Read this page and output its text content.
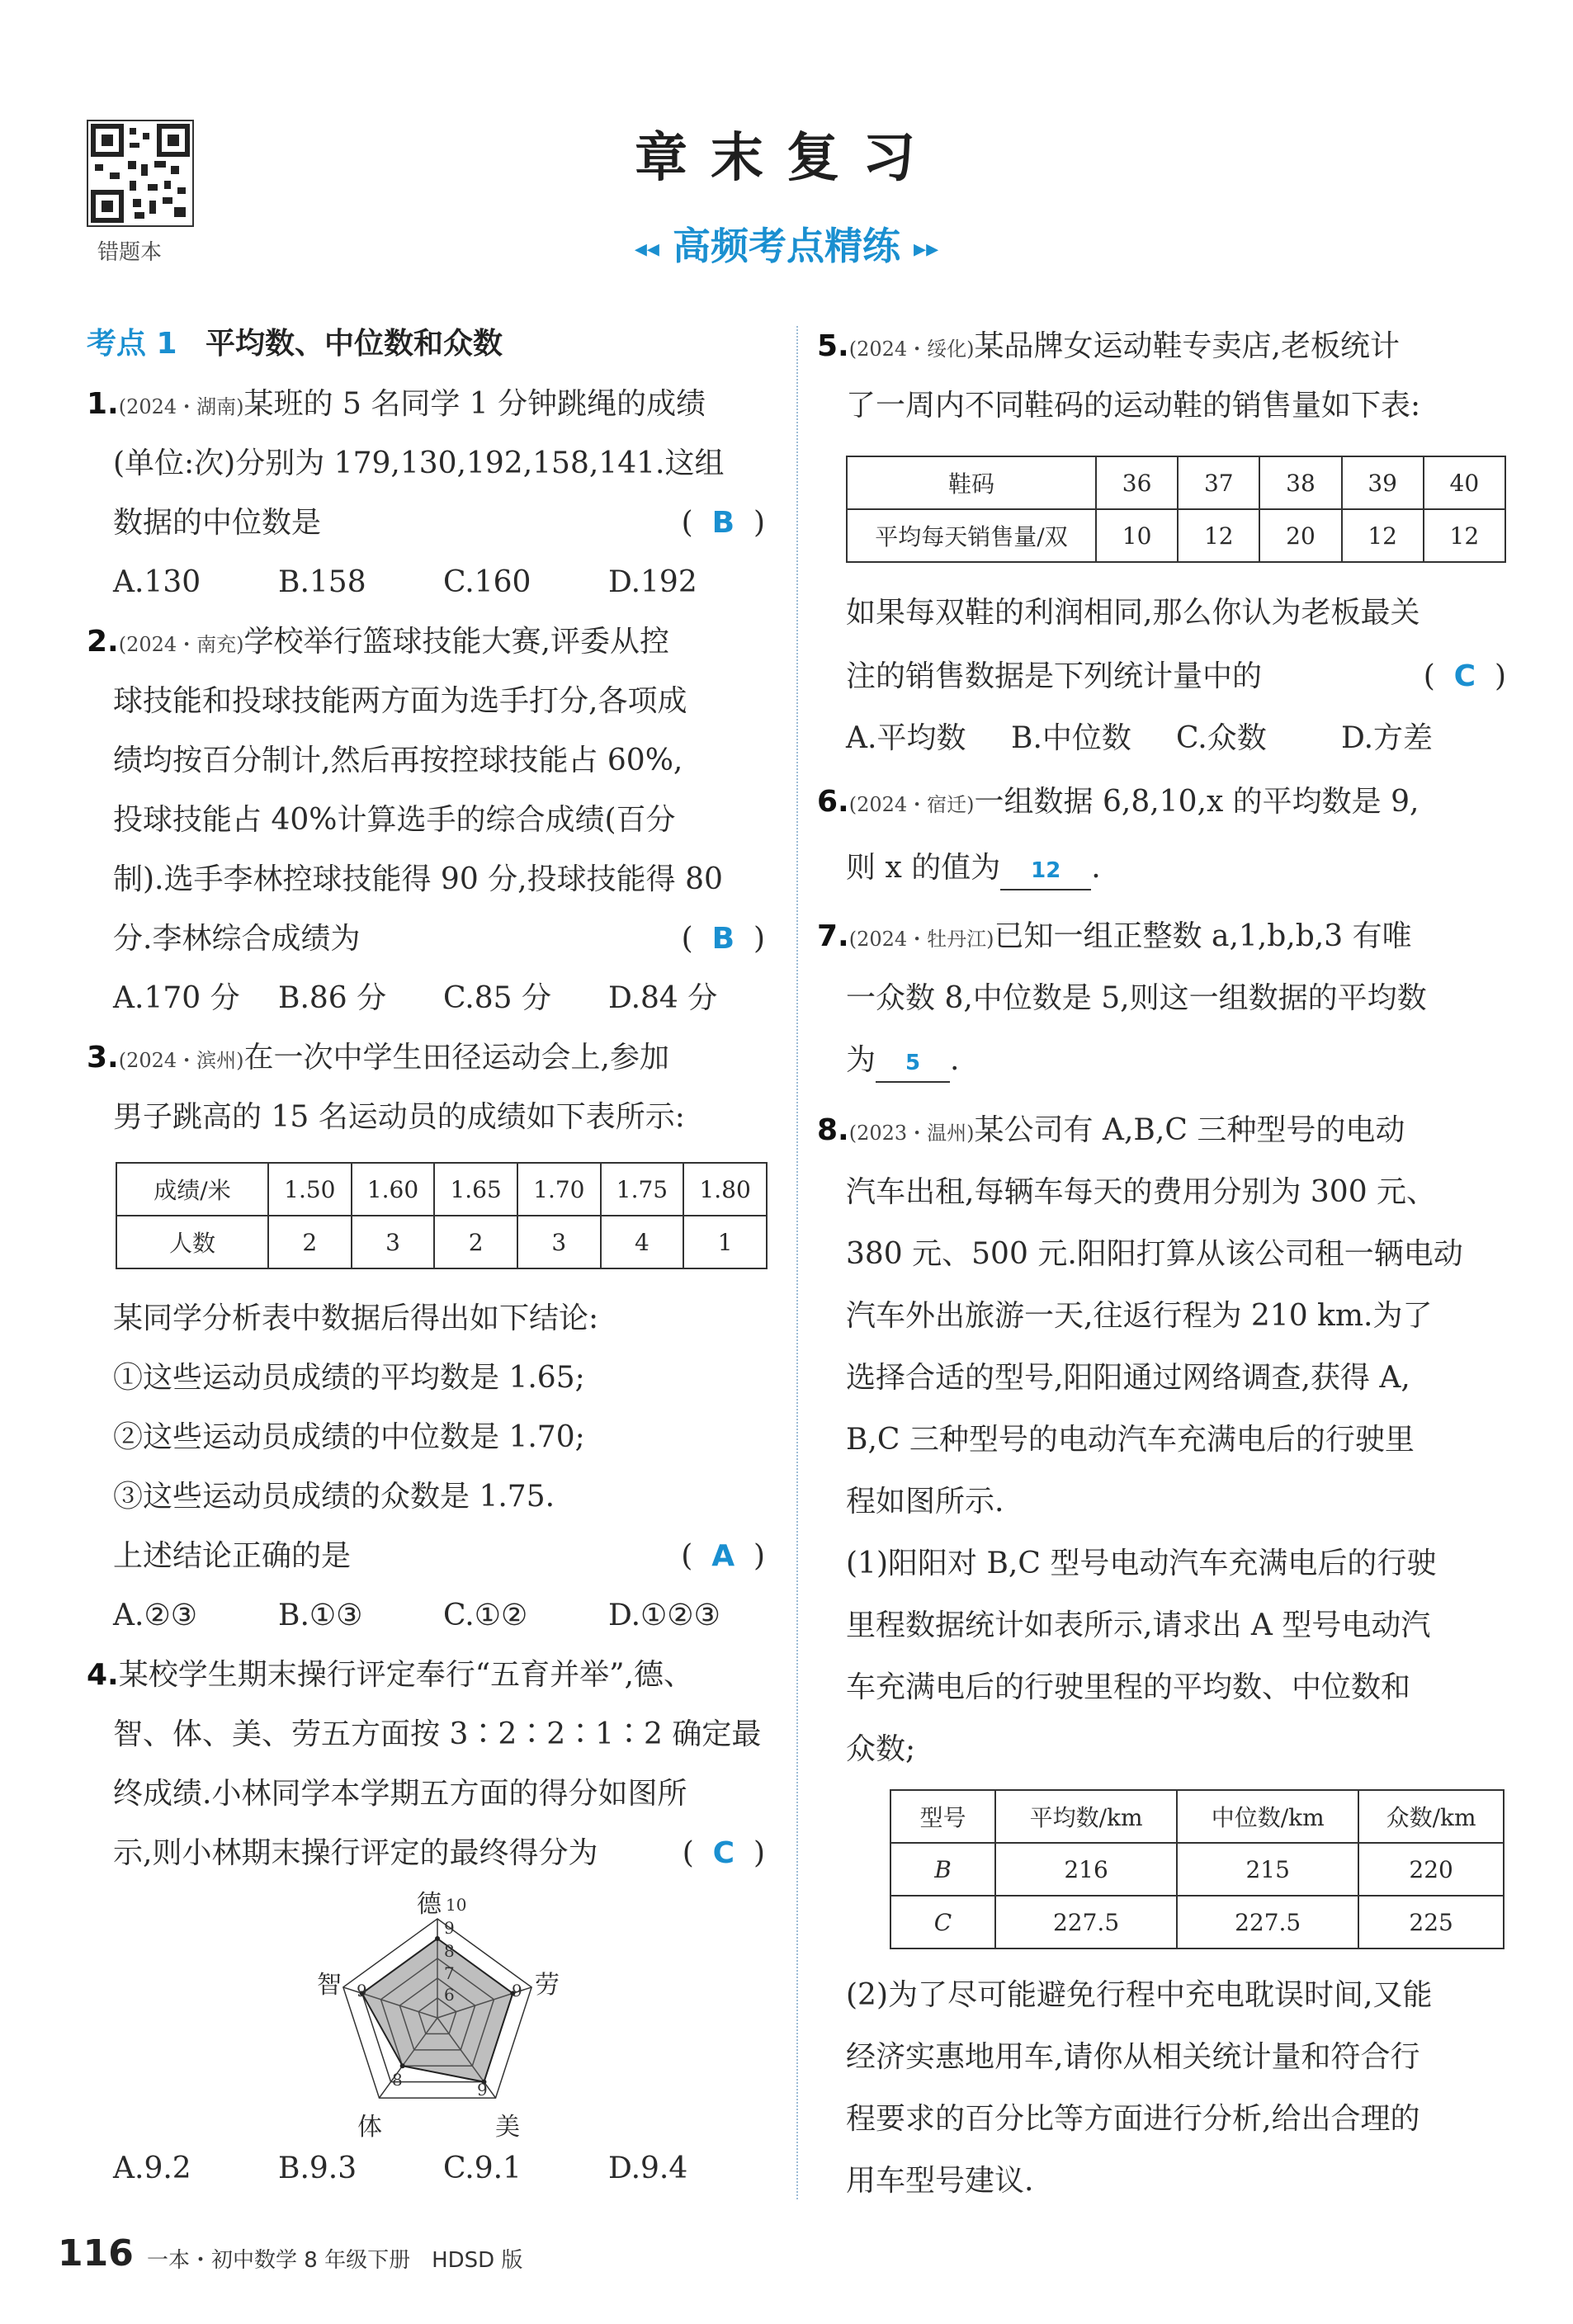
错题本
章末复习
◂◂ 高频考点精练 ▸▸
考点 1 平均数、中位数和众数
1.(2024・湖南)某班的 5 名同学 1 分钟跳绳的成绩
(单位:次)分别为 179,130,192,158,141.这组
数据的中位数是	(  B  )
A.130	B.158	C.160	D.192
2.(2024・南充)学校举行篮球技能大赛,评委从控
球技能和投球技能两方面为选手打分,各项成
绩均按百分制计,然后再按控球技能占 60%,
投球技能占 40%计算选手的综合成绩(百分
制).选手李林控球技能得 90 分,投球技能得 80
分.李林综合成绩为	(  B  )
A.170 分 B.86 分 C.85 分 D.84 分
3.(2024・滨州)在一次中学生田径运动会上,参加
男子跳高的 15 名运动员的成绩如下表所示:
成绩/米	1.50	1.60	1.65	1.70	1.75	1.80
人数	2	3	2	3	4	1
某同学分析表中数据后得出如下结论:
①这些运动员成绩的平均数是 1.65;
②这些运动员成绩的中位数是 1.70;
③这些运动员成绩的众数是 1.75.
上述结论正确的是	(  A  )
A.②③	B.①③	C.①②	D.①②③
4.某校学生期末操行评定奉行“五育并举”,德、
智、体、美、劳五方面按 3∶2∶2∶1∶2 确定最
终成绩.小林同学本学期五方面的得分如图所
示,则小林期末操行评定的最终得分为	(  C  )
德
劳
美
体
智
10
9
8
7
6	9
9
8
9
A.9.2	B.9.3	C.9.1	D.9.4
5.(2024・绥化)某品牌女运动鞋专卖店,老板统计
了一周内不同鞋码的运动鞋的销售量如下表:
鞋码	36	37	38	39	40
平均每天销售量/双	10	12	20	12	12
如果每双鞋的利润相同,那么你认为老板最关
注的销售数据是下列统计量中的	(  C  )
A.平均数 B.中位数 C.众数	D.方差
6.(2024・宿迁)一组数据 6,8,10,x 的平均数是 9,
则 x 的值为 12 .
7.(2024・牡丹江)已知一组正整数 a,1,b,b,3 有唯
一众数 8,中位数是 5,则这一组数据的平均数
为 5 .
8.(2023・温州)某公司有 A,B,C 三种型号的电动
汽车出租,每辆车每天的费用分别为 300 元、
380 元、500 元.阳阳打算从该公司租一辆电动
汽车外出旅游一天,往返行程为 210 km.为了
选择合适的型号,阳阳通过网络调查,获得 A,
B,C 三种型号的电动汽车充满电后的行驶里
程如图所示.
(1)阳阳对 B,C 型号电动汽车充满电后的行驶
里程数据统计如表所示,请求出 A 型号电动汽
车充满电后的行驶里程的平均数、中位数和
众数;
型号	平均数/km	中位数/km	众数/km
B	216	215	220
C	227.5	227.5	225
(2)为了尽可能避免行程中充电耽误时间,又能
经济实惠地用车,请你从相关统计量和符合行
程要求的百分比等方面进行分析,给出合理的
用车型号建议.
116 一本・初中数学 8 年级下册　HDSD 版
